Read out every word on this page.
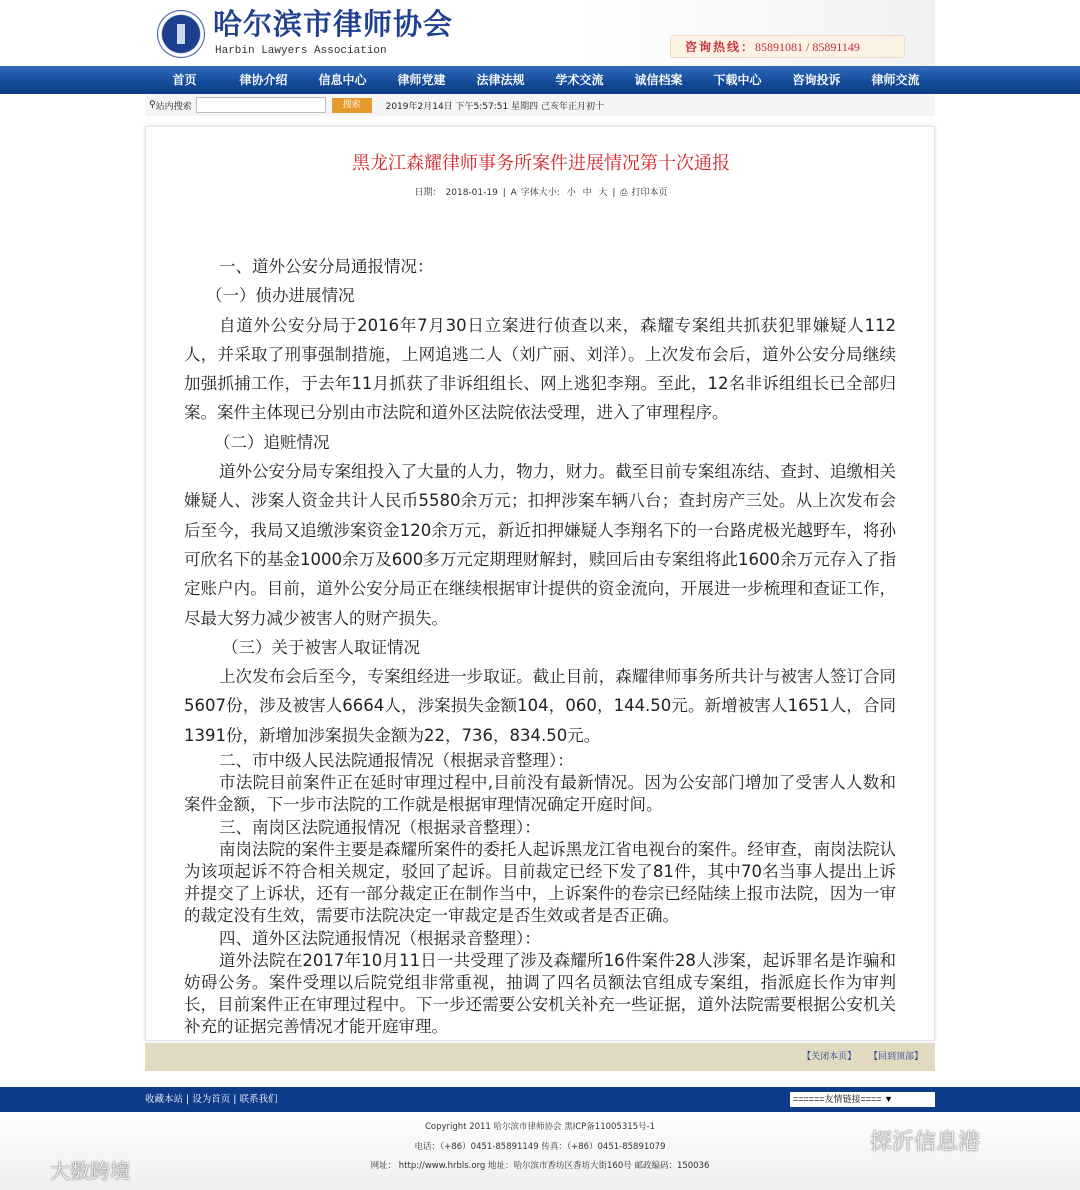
哈尔滨市律师协会
Harbin Lawyers Association	咨询热线：85891081 / 85891149
首页	律协介绍	信息中心	律师党建	法律法规	学术交流	诚信档案	下载中心	咨询投诉	律师交流
⚲ 站内搜索	搜索	2019年2月14日 下午5:57:51 星期四 己亥年正月初十
黑龙江森耀律师事务所案件进展情况第十次通报
日期： 2018-01-19 | A 字体大小: 小 中 大 | ⎙ 打印本页

一、道外公安分局通报情况：

（一）侦办进展情况

自道外公安分局于2016年7月30日立案进行侦查以来，森耀专案组共抓获犯罪嫌疑人112人，并采取了刑事强制措施，上网追逃二人（刘广丽、刘洋）。上次发布会后，道外公安分局继续加强抓捕工作，于去年11月抓获了非诉组组长、网上逃犯李翔。至此，12名非诉组组长已全部归案。案件主体现已分别由市法院和道外区法院依法受理，进入了审理程序。

（二）追赃情况

道外公安分局专案组投入了大量的人力，物力，财力。截至目前专案组冻结、查封、追缴相关嫌疑人、涉案人资金共计人民币5580余万元；扣押涉案车辆八台；查封房产三处。从上次发布会后至今，我局又追缴涉案资金120余万元，新近扣押嫌疑人李翔名下的一台路虎极光越野车，将孙可欣名下的基金1000余万及600多万元定期理财解封，赎回后由专案组将此1600余万元存入了指定账户内。目前，道外公安分局正在继续根据审计提供的资金流向，开展进一步梳理和查证工作，尽最大努力减少被害人的财产损失。

（三）关于被害人取证情况

上次发布会后至今，专案组经进一步取证。截止目前，森耀律师事务所共计与被害人签订合同5607份，涉及被害人6664人，涉案损失金额104，060，144.50元。新增被害人1651人，合同1391份，新增加涉案损失金额为22，736，834.50元。

二、市中级人民法院通报情况（根据录音整理）：

市法院目前案件正在延时审理过程中,目前没有最新情况。因为公安部门增加了受害人人数和案件金额，下一步市法院的工作就是根据审理情况确定开庭时间。

三、南岗区法院通报情况（根据录音整理）：

南岗法院的案件主要是森耀所案件的委托人起诉黑龙江省电视台的案件。经审查，南岗法院认为该项起诉不符合相关规定，驳回了起诉。目前裁定已经下发了81件，其中70名当事人提出上诉并提交了上诉状，还有一部分裁定正在制作当中，上诉案件的卷宗已经陆续上报市法院，因为一审的裁定没有生效，需要市法院决定一审裁定是否生效或者是否正确。

四、道外区法院通报情况（根据录音整理）：

道外法院在2017年10月11日一共受理了涉及森耀所16件案件28人涉案，起诉罪名是诈骗和妨碍公务。案件受理以后院党组非常重视，抽调了四名员额法官组成专案组，指派庭长作为审判长，目前案件正在审理过程中。下一步还需要公安机关补充一些证据，道外法院需要根据公安机关补充的证据完善情况才能开庭审理。

【关闭本页】 【回到顶部】
收藏本站 | 设为首页 | 联系我们	======友情链接==== ▼
Copyright 2011 哈尔滨市律师协会 黑ICP备11005315号-1
电话：（+86）0451-85891149 传真：（+86）0451-85891079
网址： http://www.hrbls.org 地址：哈尔滨市香坊区香坊大街160号 邮政编码：150036
探沂信息港
大数跨境
